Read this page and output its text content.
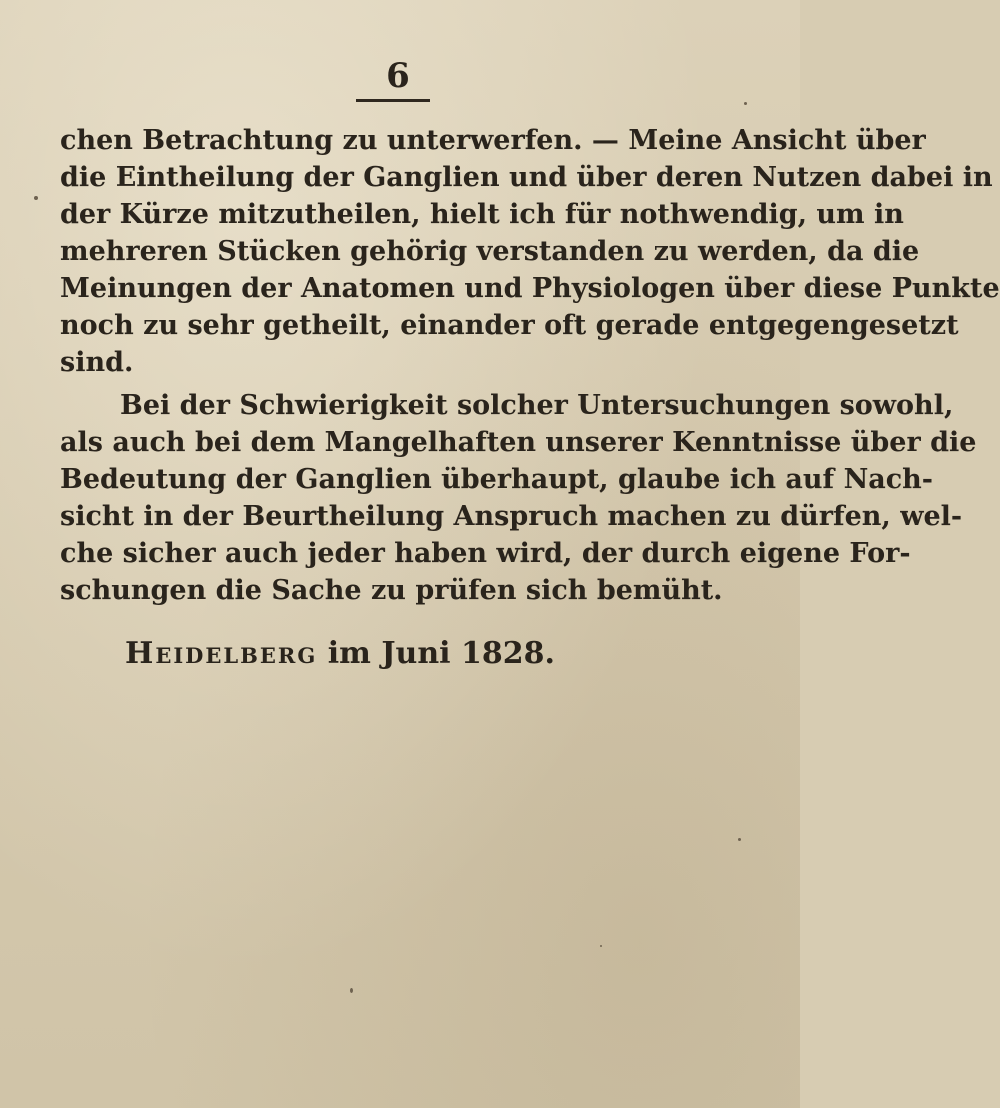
6
chen Betrachtung zu unterwerfen. — Meine Ansicht über
die Eintheilung der Ganglien und über deren Nutzen dabei in
der Kürze mitzutheilen, hielt ich für nothwendig, um in
mehreren Stücken gehörig verstanden zu werden, da die
Meinungen der Anatomen und Physiologen über diese Punkte
noch zu sehr getheilt, einander oft gerade entgegengesetzt
sind.
Bei der Schwierigkeit solcher Untersuchungen sowohl,
als auch bei dem Mangelhaften unserer Kenntnisse über die
Bedeutung der Ganglien überhaupt, glaube ich auf Nach-
sicht in der Beurtheilung Anspruch machen zu dürfen, wel-
che sicher auch jeder haben wird, der durch eigene For-
schungen die Sache zu prüfen sich bemüht.
Heidelberg im Juni 1828.
